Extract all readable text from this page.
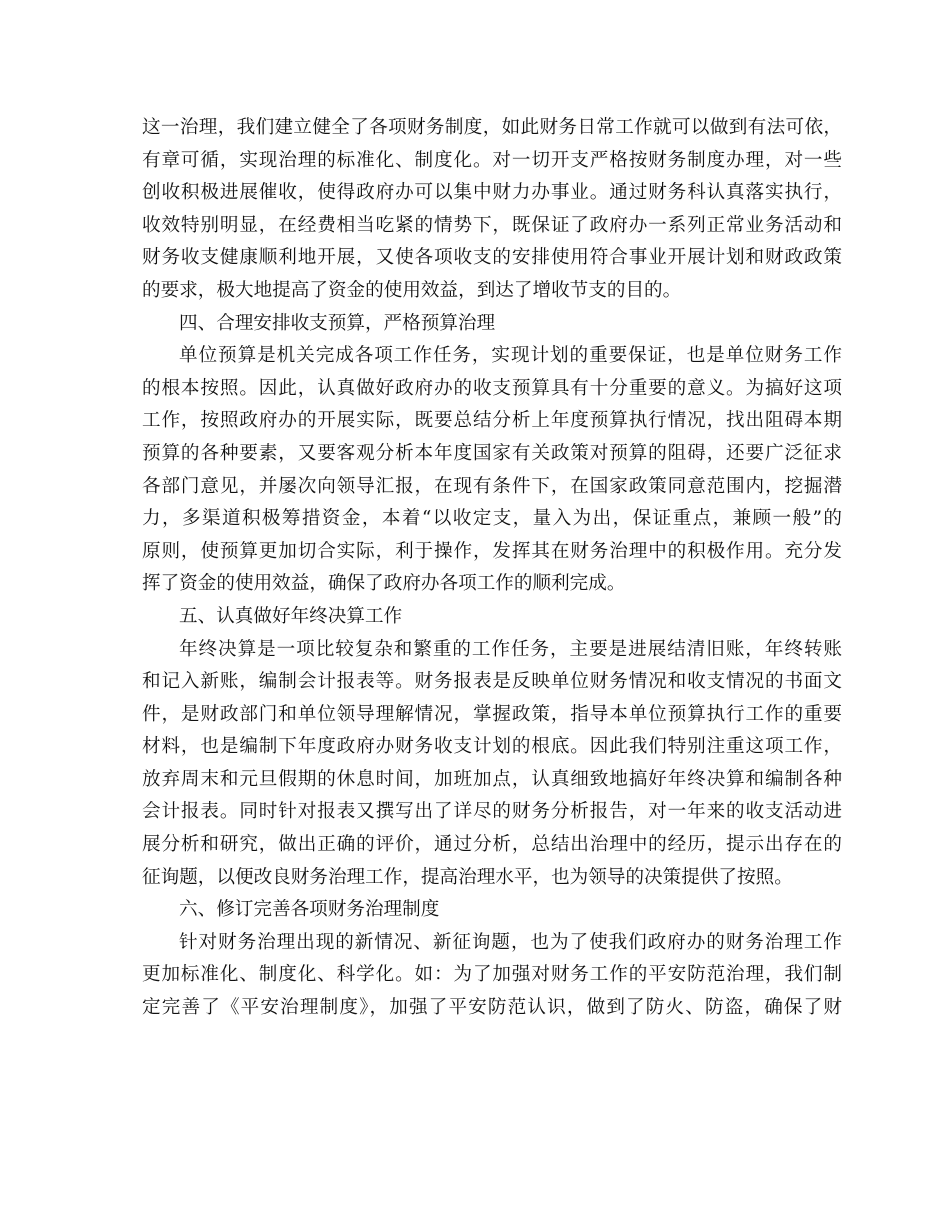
这一治理，我们建立健全了各项财务制度，如此财务日常工作就可以做到有法可依，
有章可循，实现治理的标准化、制度化。对一切开支严格按财务制度办理，对一些
创收积极进展催收，使得政府办可以集中财力办事业。通过财务科认真落实执行，
收效特别明显，在经费相当吃紧的情势下，既保证了政府办一系列正常业务活动和
财务收支健康顺利地开展，又使各项收支的安排使用符合事业开展计划和财政政策
的要求，极大地提高了资金的使用效益，到达了增收节支的目的。
四、合理安排收支预算，严格预算治理
单位预算是机关完成各项工作任务，实现计划的重要保证，也是单位财务工作
的根本按照。因此，认真做好政府办的收支预算具有十分重要的意义。为搞好这项
工作，按照政府办的开展实际，既要总结分析上年度预算执行情况，找出阻碍本期
预算的各种要素，又要客观分析本年度国家有关政策对预算的阻碍，还要广泛征求
各部门意见，并屡次向领导汇报，在现有条件下，在国家政策同意范围内，挖掘潜
力，多渠道积极筹措资金，本着“以收定支，量入为出，保证重点，兼顾一般”的
原则，使预算更加切合实际，利于操作，发挥其在财务治理中的积极作用。充分发
挥了资金的使用效益，确保了政府办各项工作的顺利完成。
五、认真做好年终决算工作
年终决算是一项比较复杂和繁重的工作任务，主要是进展结清旧账，年终转账
和记入新账，编制会计报表等。财务报表是反映单位财务情况和收支情况的书面文
件，是财政部门和单位领导理解情况，掌握政策，指导本单位预算执行工作的重要
材料，也是编制下年度政府办财务收支计划的根底。因此我们特别注重这项工作，
放弃周末和元旦假期的休息时间，加班加点，认真细致地搞好年终决算和编制各种
会计报表。同时针对报表又撰写出了详尽的财务分析报告，对一年来的收支活动进
展分析和研究，做出正确的评价，通过分析，总结出治理中的经历，提示出存在的
征询题，以便改良财务治理工作，提高治理水平，也为领导的决策提供了按照。
六、修订完善各项财务治理制度
针对财务治理出现的新情况、新征询题，也为了使我们政府办的财务治理工作
更加标准化、制度化、科学化。如：为了加强对财务工作的平安防范治理，我们制
定完善了《平安治理制度》，加强了平安防范认识，做到了防火、防盗，确保了财
